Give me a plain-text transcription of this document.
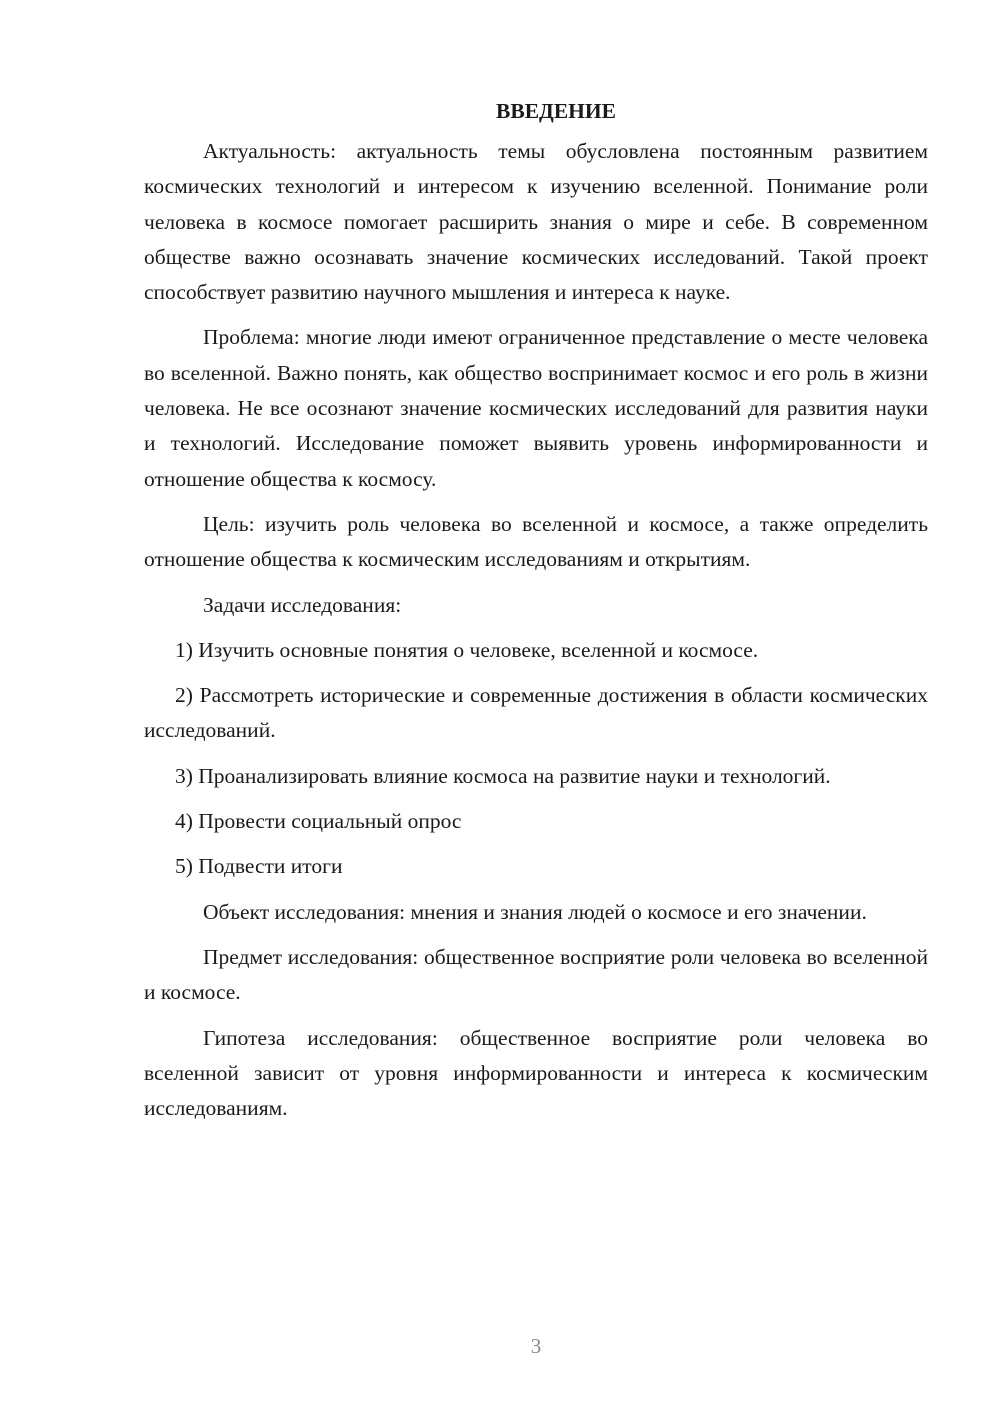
ВВЕДЕНИЕ

Актуальность: актуальность темы обусловлена постоянным развитием космических технологий и интересом к изучению вселенной. Понимание роли человека в космосе помогает расширить знания о мире и себе. В современном обществе важно осознавать значение космических исследований. Такой проект способствует развитию научного мышления и интереса к науке.

Проблема: многие люди имеют ограниченное представление о месте человека во вселенной. Важно понять, как общество воспринимает космос и его роль в жизни человека. Не все осознают значение космических исследований для развития науки и технологий. Исследование поможет выявить уровень информированности и отношение общества к космосу.

Цель: изучить роль человека во вселенной и космосе, а также определить отношение общества к космическим исследованиям и открытиям.

Задачи исследования:

1) Изучить основные понятия о человеке, вселенной и космосе.

2) Рассмотреть исторические и современные достижения в области космических исследований.

3) Проанализировать влияние космоса на развитие науки и технологий.

4) Провести социальный опрос

5) Подвести итоги

Объект исследования: мнения и знания людей о космосе и его значении.

Предмет исследования: общественное восприятие роли человека во вселенной и космосе.

Гипотеза исследования: общественное восприятие роли человека во вселенной зависит от уровня информированности и интереса к космическим исследованиям.

3
